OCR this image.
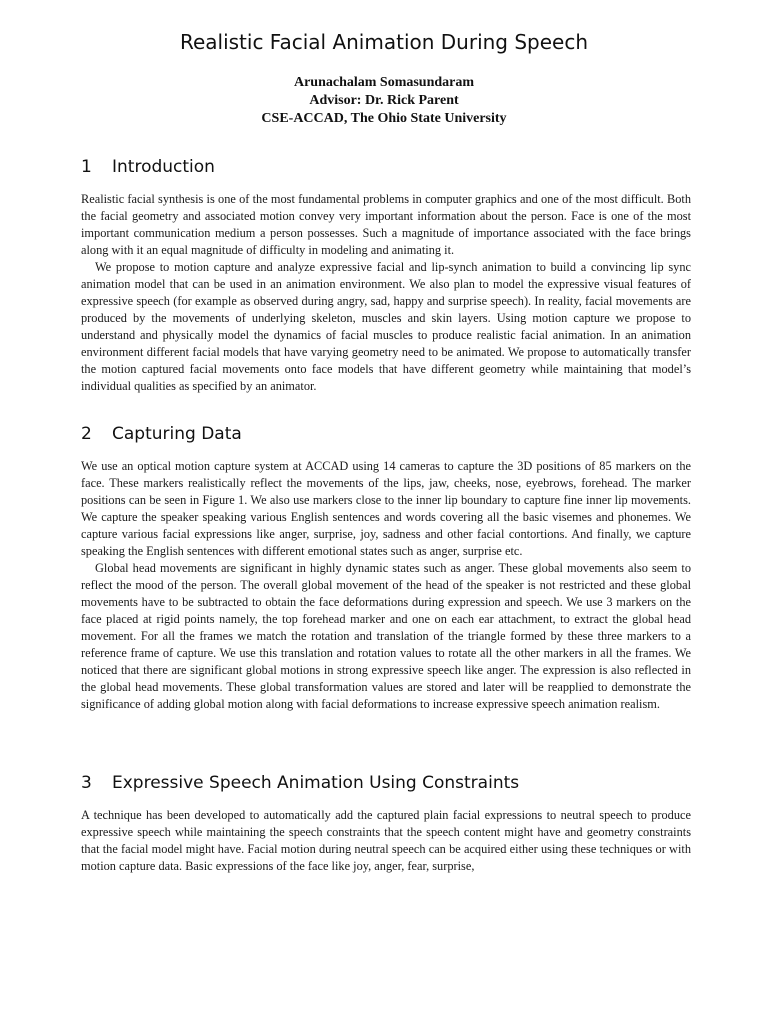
Realistic Facial Animation During Speech
Arunachalam Somasundaram
Advisor: Dr. Rick Parent
CSE-ACCAD, The Ohio State University
1	Introduction

Realistic facial synthesis is one of the most fundamental problems in computer graphics and one of the most difficult. Both the facial geometry and associated motion convey very important information about the person. Face is one of the most important communication medium a person possesses. Such a magnitude of importance associated with the face brings along with it an equal magnitude of difficulty in modeling and animating it.

We propose to motion capture and analyze expressive facial and lip-synch animation to build a convincing lip sync animation model that can be used in an animation environment. We also plan to model the expressive visual features of expressive speech (for example as observed during angry, sad, happy and surprise speech). In reality, facial movements are produced by the movements of underlying skeleton, muscles and skin layers. Using motion capture we propose to understand and physically model the dynamics of facial muscles to produce realistic facial animation. In an animation environment different facial models that have varying geometry need to be animated. We propose to automatically transfer the motion captured facial movements onto face models that have different geometry while maintaining that model’s individual qualities as specified by an animator.

2	Capturing Data

We use an optical motion capture system at ACCAD using 14 cameras to capture the 3D positions of 85 markers on the face. These markers realistically reflect the movements of the lips, jaw, cheeks, nose, eyebrows, forehead. The marker positions can be seen in Figure 1. We also use markers close to the inner lip boundary to capture fine inner lip movements. We capture the speaker speaking various English sentences and words covering all the basic visemes and phonemes. We capture various facial expressions like anger, surprise, joy, sadness and other facial contortions. And finally, we capture speaking the English sentences with different emotional states such as anger, surprise etc.

Global head movements are significant in highly dynamic states such as anger. These global movements also seem to reflect the mood of the person. The overall global movement of the head of the speaker is not restricted and these global movements have to be subtracted to obtain the face deformations during expression and speech. We use 3 markers on the face placed at rigid points namely, the top forehead marker and one on each ear attachment, to extract the global head movement. For all the frames we match the rotation and translation of the triangle formed by these three markers to a reference frame of capture. We use this translation and rotation values to rotate all the other markers in all the frames. We noticed that there are significant global motions in strong expressive speech like anger. The expression is also reflected in the global head movements. These global transformation values are stored and later will be reapplied to demonstrate the significance of adding global motion along with facial deformations to increase expressive speech animation realism.

3	Expressive Speech Animation Using Constraints

A technique has been developed to automatically add the captured plain facial expressions to neutral speech to produce expressive speech while maintaining the speech constraints that the speech content might have and geometry constraints that the facial model might have. Facial motion during neutral speech can be acquired either using these techniques or with motion capture data. Basic expressions of the face like joy, anger, fear, surprise,
